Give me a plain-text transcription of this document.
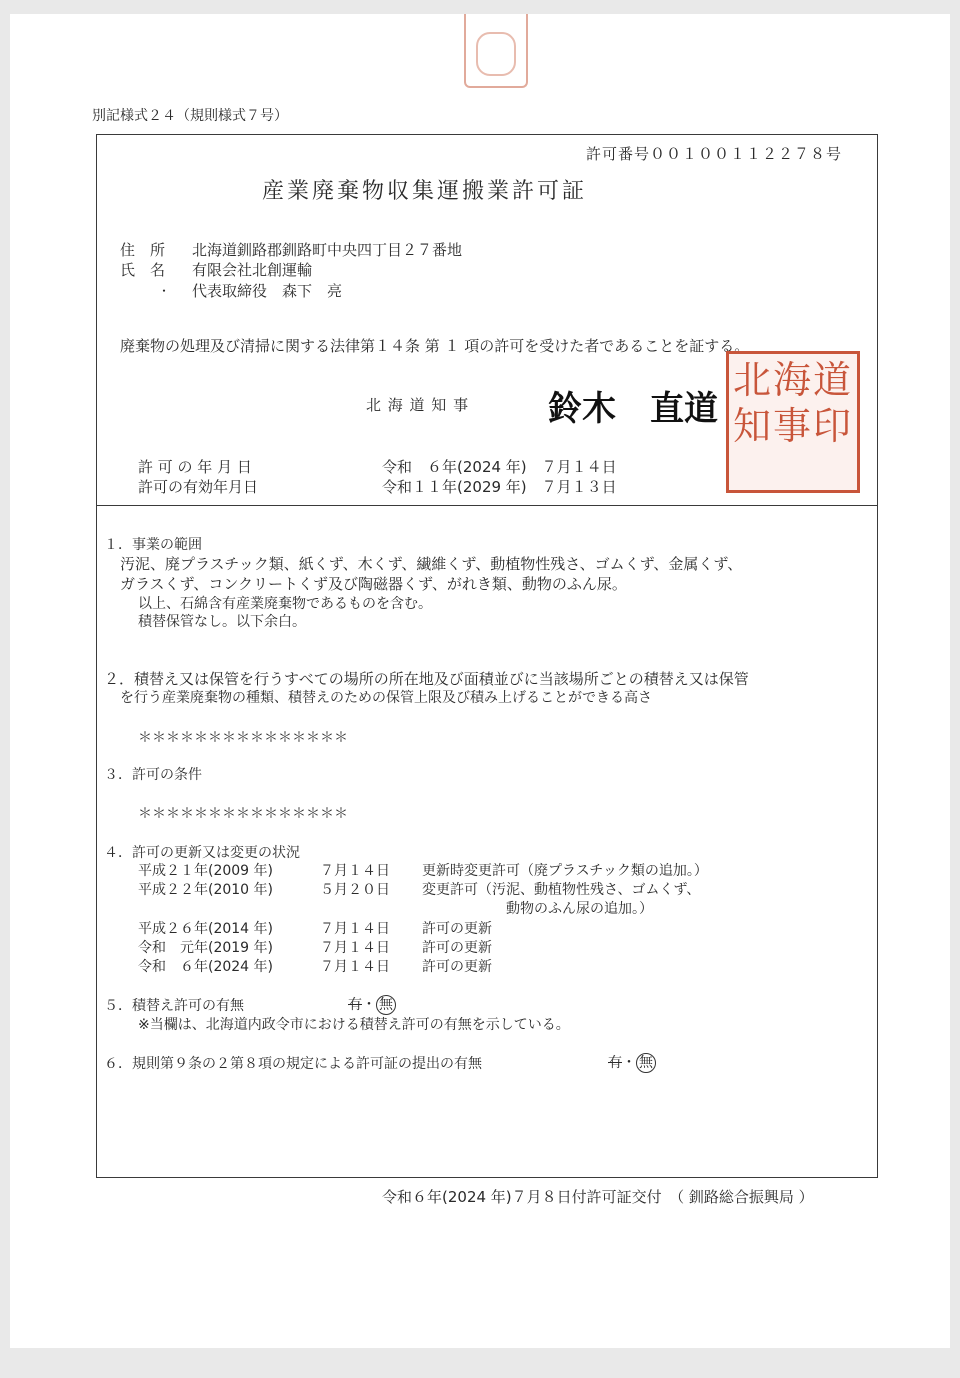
別記様式２４（規則様式７号）
許可番号００１００１１２２７８号
産業廃棄物収集運搬業許可証
住　所 北海道釧路郡釧路町中央四丁目２７番地
氏　名 有限会社北創運輸
・ 代表取締役　森下　亮
廃棄物の処理及び清掃に関する法律第１４条 第 １ 項の許可を受けた者であることを証する。
北 海 道 知 事 鈴木　直道
道
海
北
印
事
知
許 可 の 年 月 日	令和　６年(2024 年)　７月１４日
許可の有効年月日	令和１１年(2029 年)　７月１３日
１．事業の範囲
汚泥、廃プラスチック類、紙くず、木くず、繊維くず、動植物性残さ、ゴムくず、金属くず、
ガラスくず、コンクリートくず及び陶磁器くず、がれき類、動物のふん尿。
以上、石綿含有産業廃棄物であるものを含む。
積替保管なし。以下余白。
２．積替え又は保管を行うすべての場所の所在地及び面積並びに当該場所ごとの積替え又は保管
を行う産業廃棄物の種類、積替えのための保管上限及び積み上げることができる高さ
＊＊＊＊＊＊＊＊＊＊＊＊＊＊＊
３．許可の条件
＊＊＊＊＊＊＊＊＊＊＊＊＊＊＊
４．許可の更新又は変更の状況
平成２１年(2009 年)	７月１４日 更新時変更許可（廃プラスチック類の追加。）
平成２２年(2010 年)	５月２０日 変更許可（汚泥、動植物性残さ、ゴムくず、
動物のふん尿の追加。）
平成２６年(2014 年)	７月１４日 許可の更新
令和　元年(2019 年)	７月１４日 許可の更新
令和　６年(2024 年)	７月１４日 許可の更新
５．積替え許可の有無	有・ 無
※当欄は、北海道内政令市における積替え許可の有無を示している。
６．規則第９条の２第８項の規定による許可証の提出の有無	有・ 無
令和６年(2024 年)７月８日付許可証交付　（ 釧路総合振興局 ）
